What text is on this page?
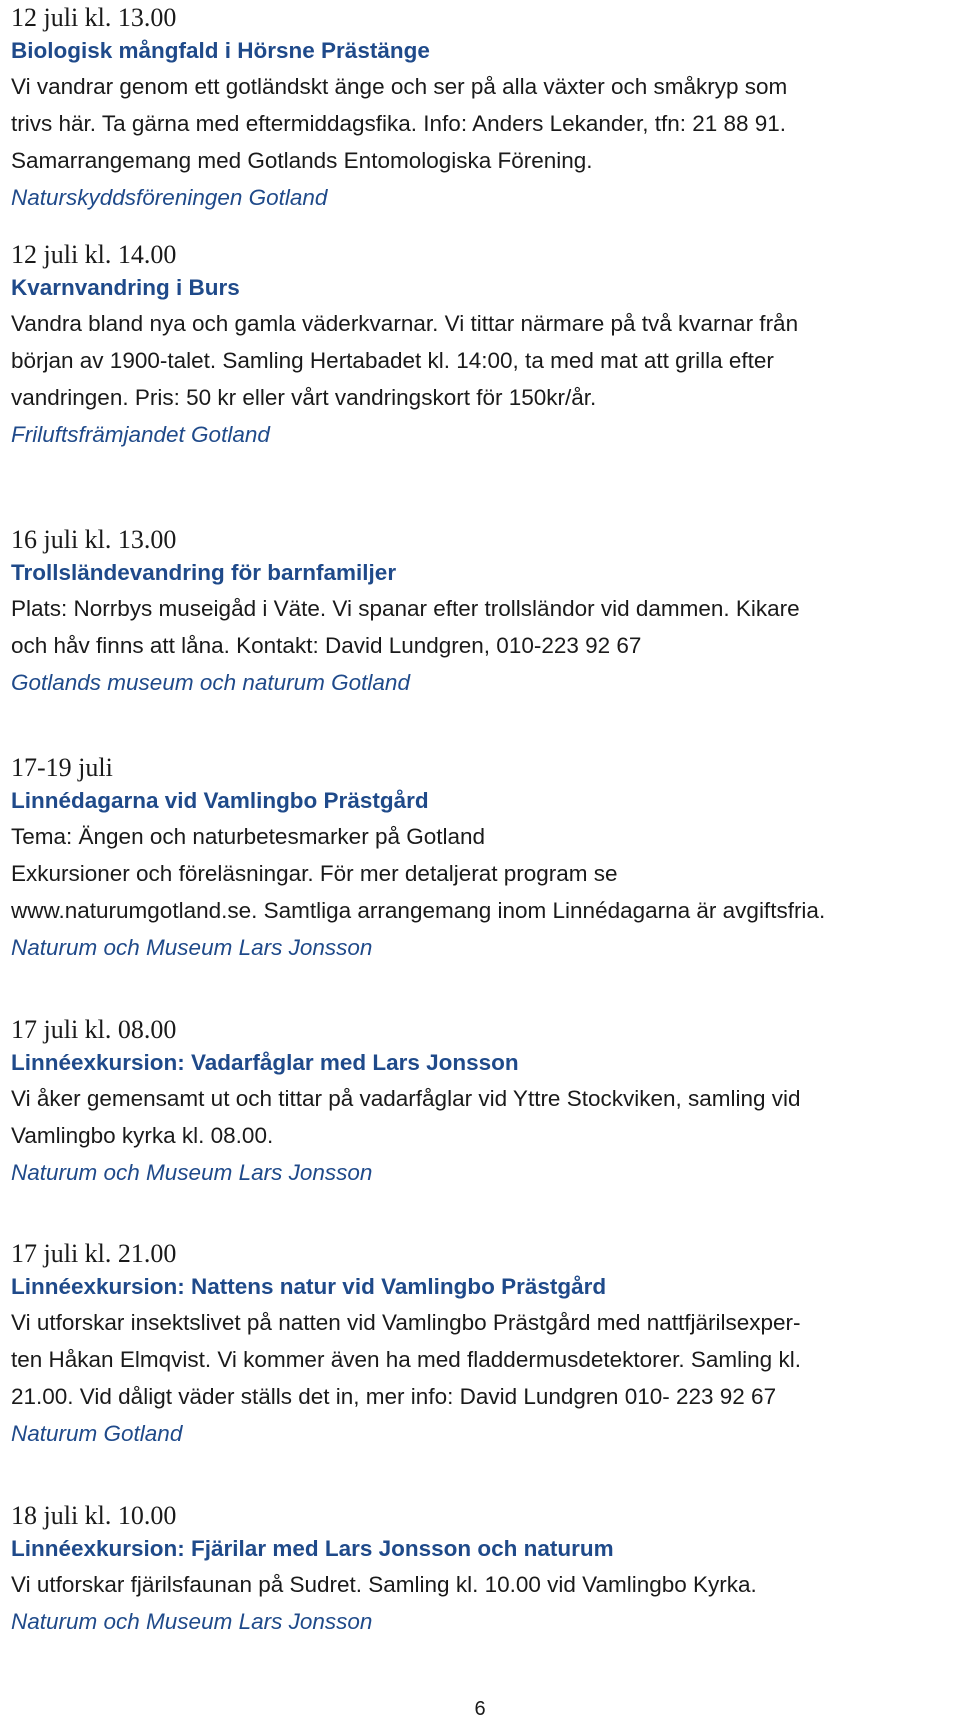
12 juli kl. 13.00
Biologisk mångfald i Hörsne Prästänge
Vi vandrar genom ett gotländskt änge och ser på alla växter och småkryp som
trivs här. Ta gärna med eftermiddagsfika. Info: Anders Lekander, tfn: 21 88 91.
Samarrangemang med Gotlands Entomologiska Förening.
Naturskyddsföreningen Gotland
12 juli kl. 14.00
Kvarnvandring i Burs
Vandra bland nya och gamla väderkvarnar. Vi tittar närmare på två kvarnar från
början av 1900-talet. Samling Hertabadet kl. 14:00, ta med mat att grilla efter
vandringen. Pris: 50 kr eller vårt vandringskort för 150kr/år.
Friluftsfrämjandet Gotland
16 juli kl. 13.00
Trollsländevandring för barnfamiljer
Plats: Norrbys museigåd i Väte. Vi spanar efter trollsländor vid dammen. Kikare
och håv finns att låna. Kontakt: David Lundgren, 010-223 92 67
Gotlands museum och naturum Gotland
17-19 juli
Linnédagarna vid Vamlingbo Prästgård
Tema: Ängen och naturbetesmarker på Gotland
Exkursioner och föreläsningar. För mer detaljerat program se
www.naturumgotland.se. Samtliga arrangemang inom Linnédagarna är avgiftsfria.
Naturum och Museum Lars Jonsson
17 juli kl. 08.00
Linnéexkursion: Vadarfåglar med Lars Jonsson
Vi åker gemensamt ut och tittar på vadarfåglar vid Yttre Stockviken, samling vid
Vamlingbo kyrka kl. 08.00.
Naturum och Museum Lars Jonsson
17 juli kl. 21.00
Linnéexkursion: Nattens natur vid Vamlingbo Prästgård
Vi utforskar insektslivet på natten vid Vamlingbo Prästgård med nattfjärilsexper-
ten Håkan Elmqvist. Vi kommer även ha med fladdermusdetektorer. Samling kl.
21.00. Vid dåligt väder ställs det in, mer info: David Lundgren 010- 223 92 67
Naturum Gotland
18 juli kl. 10.00
Linnéexkursion: Fjärilar med Lars Jonsson och naturum
Vi utforskar fjärilsfaunan på Sudret. Samling kl. 10.00 vid Vamlingbo Kyrka.
Naturum och Museum Lars Jonsson
6
